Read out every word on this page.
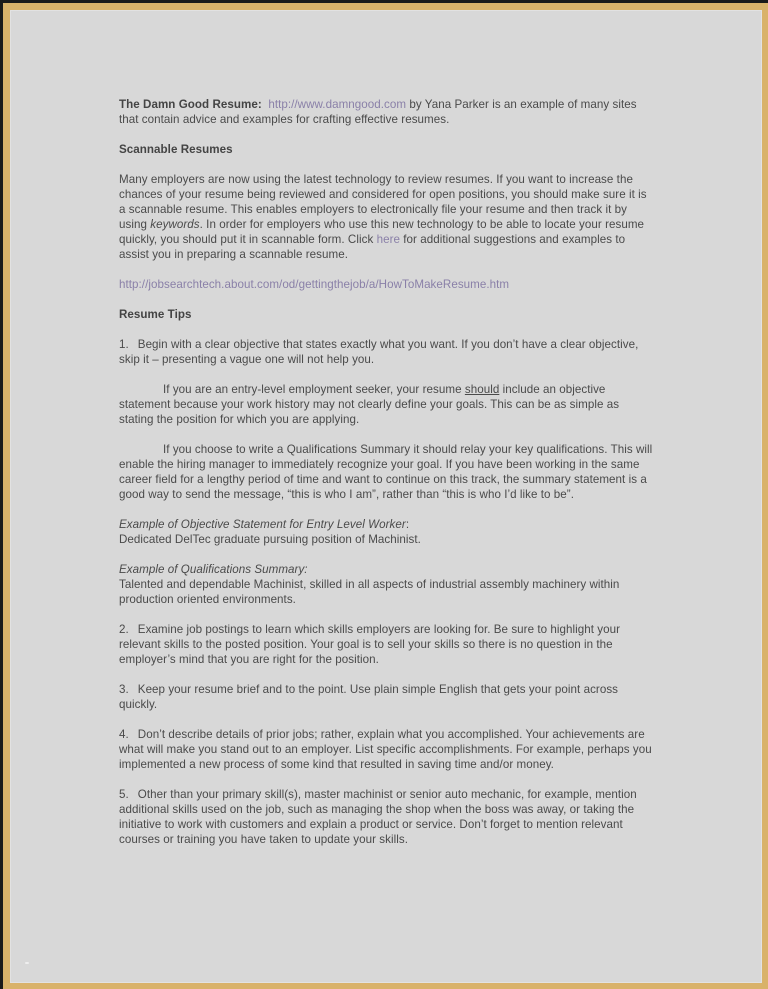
The Damn Good Resume: http://www.damngood.com by Yana Parker is an example of many sites that contain advice and examples for crafting effective resumes.

Scannable Resumes

Many employers are now using the latest technology to review resumes. If you want to increase the chances of your resume being reviewed and considered for open positions, you should make sure it is a scannable resume. This enables employers to electronically file your resume and then track it by using keywords. In order for employers who use this new technology to be able to locate your resume quickly, you should put it in scannable form. Click here for additional suggestions and examples to assist you in preparing a scannable resume.

http://jobsearchtech.about.com/od/gettingthejob/a/HowToMakeResume.htm

Resume Tips

1. Begin with a clear objective that states exactly what you want. If you don’t have a clear objective, skip it – presenting a vague one will not help you.

If you are an entry-level employment seeker, your resume should include an objective statement because your work history may not clearly define your goals. This can be as simple as stating the position for which you are applying.

If you choose to write a Qualifications Summary it should relay your key qualifications. This will enable the hiring manager to immediately recognize your goal. If you have been working in the same career field for a lengthy period of time and want to continue on this track, the summary statement is a good way to send the message, “this is who I am”, rather than “this is who I’d like to be”.

Example of Objective Statement for Entry Level Worker:

Dedicated DelTec graduate pursuing position of Machinist.

Example of Qualifications Summary:

Talented and dependable Machinist, skilled in all aspects of industrial assembly machinery within production oriented environments.

2. Examine job postings to learn which skills employers are looking for. Be sure to highlight your relevant skills to the posted position. Your goal is to sell your skills so there is no question in the employer’s mind that you are right for the position.

3. Keep your resume brief and to the point. Use plain simple English that gets your point across quickly.

4. Don’t describe details of prior jobs; rather, explain what you accomplished. Your achievements are what will make you stand out to an employer. List specific accomplishments. For example, perhaps you implemented a new process of some kind that resulted in saving time and/or money.

5. Other than your primary skill(s), master machinist or senior auto mechanic, for example, mention additional skills used on the job, such as managing the shop when the boss was away, or taking the initiative to work with customers and explain a product or service. Don’t forget to mention relevant courses or training you have taken to update your skills.
